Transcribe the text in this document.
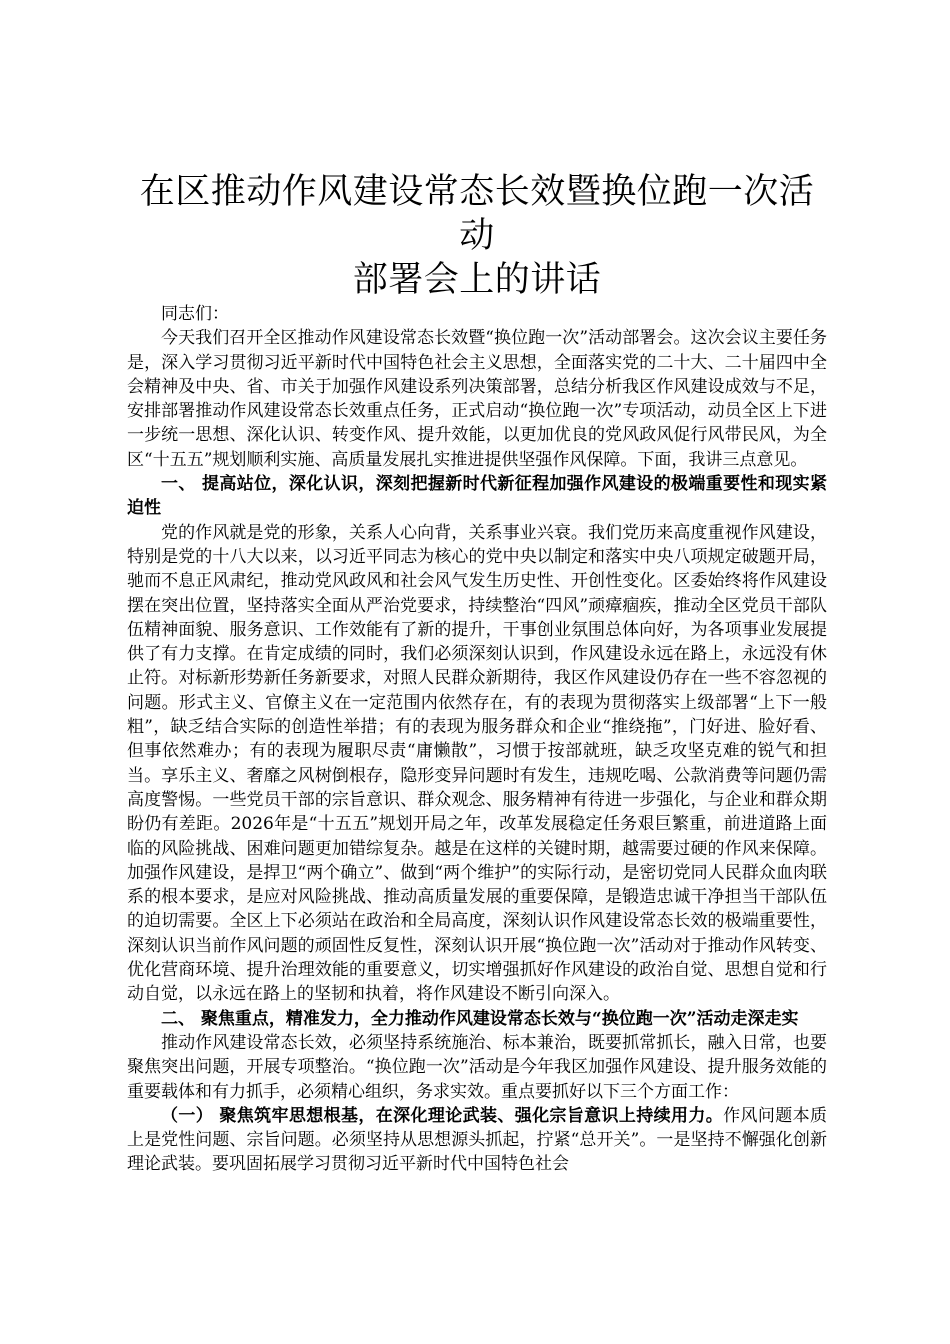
在区推动作风建设常态长效暨换位跑一次活动
部署会上的讲话

同志们：

今天我们召开全区推动作风建设常态长效暨“换位跑一次”活动部署会。这次会议主要任务是，深入学习贯彻习近平新时代中国特色社会主义思想，全面落实党的二十大、二十届四中全会精神及中央、省、市关于加强作风建设系列决策部署，总结分析我区作风建设成效与不足，安排部署推动作风建设常态长效重点任务，正式启动“换位跑一次”专项活动，动员全区上下进一步统一思想、深化认识、转变作风、提升效能，以更加优良的党风政风促行风带民风，为全区“十五五”规划顺利实施、高质量发展扎实推进提供坚强作风保障。下面，我讲三点意见。

一、 提高站位，深化认识，深刻把握新时代新征程加强作风建设的极端重要性和现实紧迫性

党的作风就是党的形象，关系人心向背，关系事业兴衰。我们党历来高度重视作风建设，特别是党的十八大以来，以习近平同志为核心的党中央以制定和落实中央八项规定破题开局，驰而不息正风肃纪，推动党风政风和社会风气发生历史性、开创性变化。区委始终将作风建设摆在突出位置，坚持落实全面从严治党要求，持续整治“四风”顽瘴痼疾，推动全区党员干部队伍精神面貌、服务意识、工作效能有了新的提升，干事创业氛围总体向好，为各项事业发展提供了有力支撑。在肯定成绩的同时，我们必须深刻认识到，作风建设永远在路上，永远没有休止符。对标新形势新任务新要求，对照人民群众新期待，我区作风建设仍存在一些不容忽视的问题。形式主义、官僚主义在一定范围内依然存在，有的表现为贯彻落实上级部署“上下一般粗”，缺乏结合实际的创造性举措；有的表现为服务群众和企业“推绕拖”，门好进、脸好看、但事依然难办；有的表现为履职尽责“庸懒散”，习惯于按部就班，缺乏攻坚克难的锐气和担当。享乐主义、奢靡之风树倒根存，隐形变异问题时有发生，违规吃喝、公款消费等问题仍需高度警惕。一些党员干部的宗旨意识、群众观念、服务精神有待进一步强化，与企业和群众期盼仍有差距。2026年是“十五五”规划开局之年，改革发展稳定任务艰巨繁重，前进道路上面临的风险挑战、困难问题更加错综复杂。越是在这样的关键时期，越需要过硬的作风来保障。加强作风建设，是捍卫“两个确立”、做到“两个维护”的实际行动，是密切党同人民群众血肉联系的根本要求，是应对风险挑战、推动高质量发展的重要保障，是锻造忠诚干净担当干部队伍的迫切需要。全区上下必须站在政治和全局高度，深刻认识作风建设常态长效的极端重要性，深刻认识当前作风问题的顽固性反复性，深刻认识开展“换位跑一次”活动对于推动作风转变、优化营商环境、提升治理效能的重要意义，切实增强抓好作风建设的政治自觉、思想自觉和行动自觉，以永远在路上的坚韧和执着，将作风建设不断引向深入。

二、 聚焦重点，精准发力，全力推动作风建设常态长效与“换位跑一次”活动走深走实

推动作风建设常态长效，必须坚持系统施治、标本兼治，既要抓常抓长，融入日常，也要聚焦突出问题，开展专项整治。“换位跑一次”活动是今年我区加强作风建设、提升服务效能的重要载体和有力抓手，必须精心组织，务求实效。重点要抓好以下三个方面工作：

（一） 聚焦筑牢思想根基，在深化理论武装、强化宗旨意识上持续用力。作风问题本质上是党性问题、宗旨问题。必须坚持从思想源头抓起，拧紧“总开关”。一是坚持不懈强化创新理论武装。要巩固拓展学习贯彻习近平新时代中国特色社会
